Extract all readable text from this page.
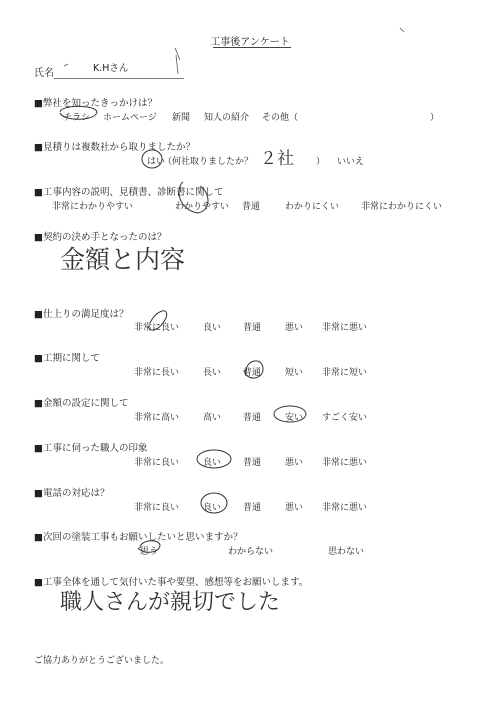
工事後アンケート
氏名	K.Hさん
■弊社を知ったきっかけは？
チラシ ホームページ 新聞 知人の紹介 その他（	）
■見積りは複数社から取りましたか？
はい
（何社取りましたか？	） いいえ
２社
■工事内容の説明、見積書、診断書に関して
非常にわかりやすい	わかりやすい 普通	わかりにくい 非常にわかりにくい
■契約の決め手となったのは？
金額と内容
■仕上りの満足度は？
非常に良い	良い 普通	悪い 非常に悪い
■工期に関して
非常に長い	長い 普通	短い 非常に短い
■金額の設定に関して
非常に高い	高い 普通	安い すごく安い
■工事に伺った職人の印象
非常に良い	良い 普通	悪い 非常に悪い
■電話の対応は？
非常に良い	良い 普通	悪い 非常に悪い
■次回の塗装工事もお願いしたいと思いますか？
思う	わからない	思わない
■工事全体を通して気付いた事や要望、感想等をお願いします。
職人さんが親切でした
ご協力ありがとうございました。
